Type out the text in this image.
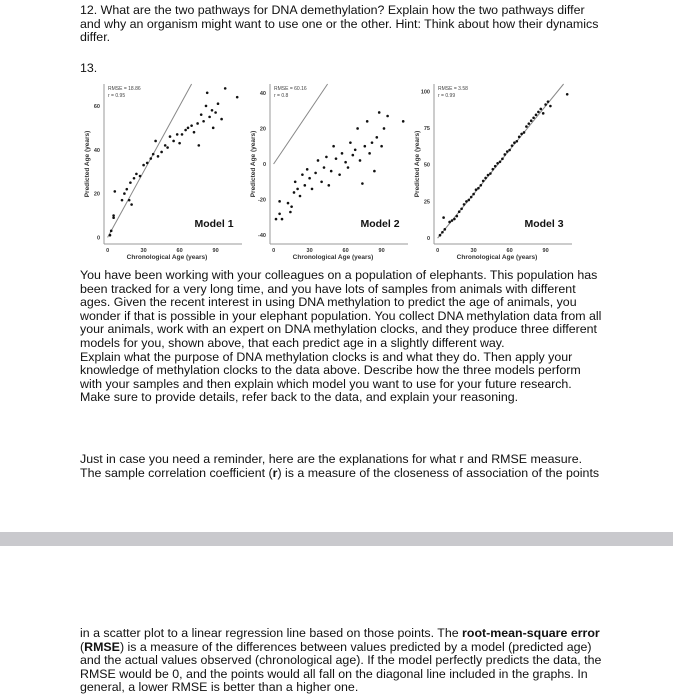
12. What are the two pathways for DNA demethylation? Explain how the two pathways differ
and why an organism might want to use one or the other. Hint: Think about how their dynamics
differ.
13.
0
20
40
60
0	30	60	90
Chronological Age (years)
Predicted Age (years)
RMSE = 18.86
r = 0.95
Model 1
-40
-20
0
20
40
0	30	60	90
Chronological Age (years)
Predicted Age (years)
RMSE = 60.16
r = 0.8
Model 2
0
25
50
75
100
0	30	60	90
Chronological Age (years)
Predicted Age (years)
RMSE = 3.58
r = 0.99
Model 3
You have been working with your colleagues on a population of elephants. This population has
been tracked for a very long time, and you have lots of samples from animals with different
ages. Given the recent interest in using DNA methylation to predict the age of animals, you
wonder if that is possible in your elephant population. You collect DNA methylation data from all
your animals, work with an expert on DNA methylation clocks, and they produce three different
models for you, shown above, that each predict age in a slightly different way.
Explain what the purpose of DNA methylation clocks is and what they do. Then apply your
knowledge of methylation clocks to the data above. Describe how the three models perform
with your samples and then explain which model you want to use for your future research.
Make sure to provide details, refer back to the data, and explain your reasoning.
Just in case you need a reminder, here are the explanations for what r and RMSE measure.
The sample correlation coefficient (r) is a measure of the closeness of association of the points
in a scatter plot to a linear regression line based on those points. The root-mean-square error
(RMSE) is a measure of the differences between values predicted by a model (predicted age)
and the actual values observed (chronological age). If the model perfectly predicts the data, the
RMSE would be 0, and the points would all fall on the diagonal line included in the graphs. In
general, a lower RMSE is better than a higher one.
